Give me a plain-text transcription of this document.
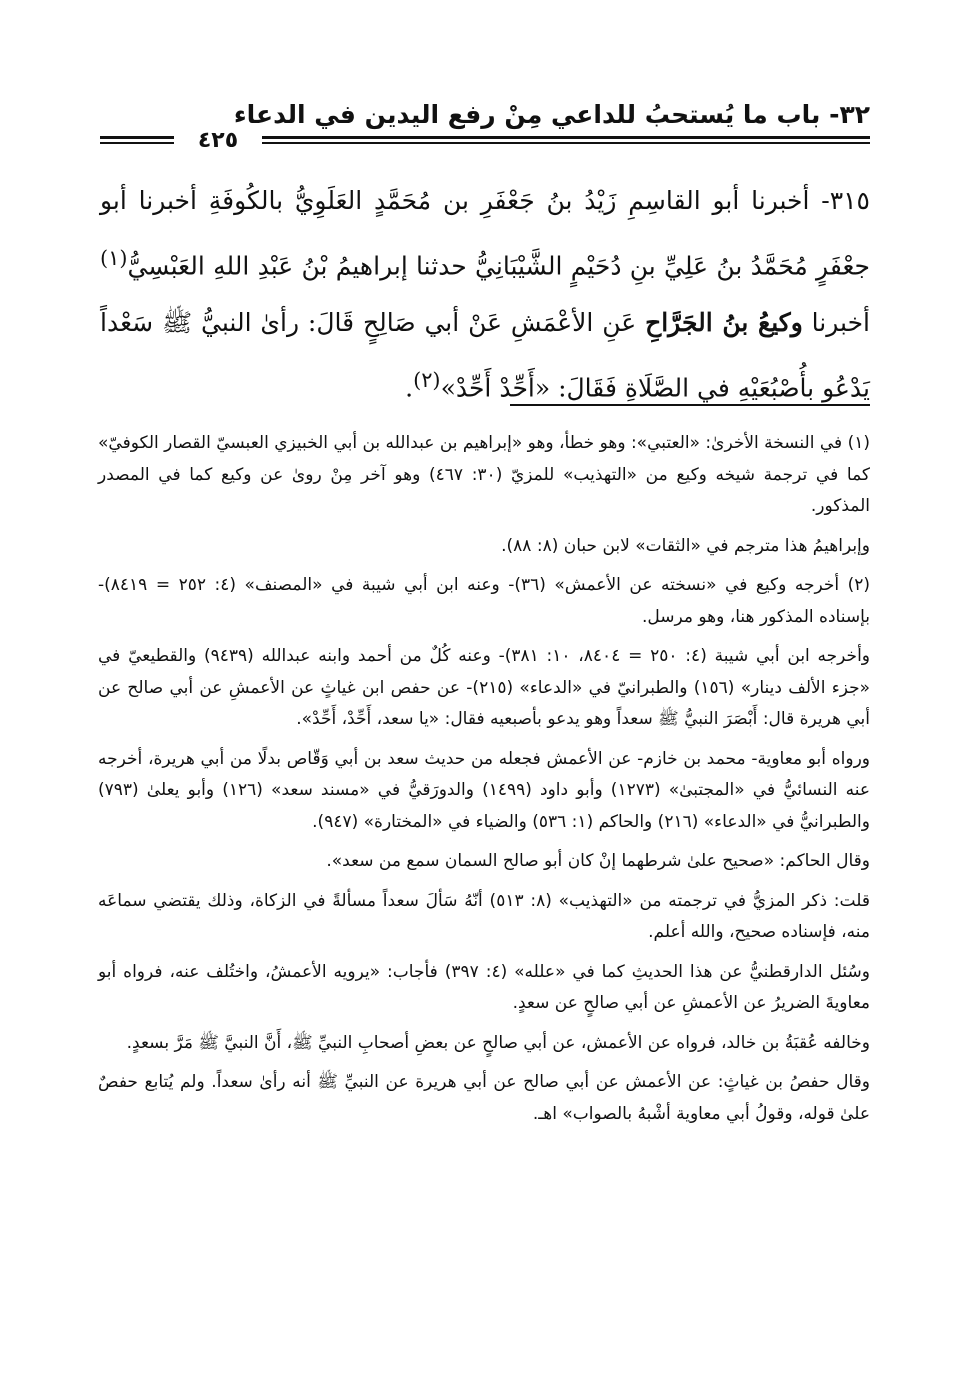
٣٢- باب ما يُستحبُ للداعي مِنْ رفع اليدين في الدعاء
٤٢٥
٣١٥- أخبرنا أبو القاسِمِ زَيْدُ بنُ جَعْفَرِ بن مُحَمَّدٍ العَلَوِيُّ بالكُوفَةِ أخبرنا أبو جعْفَرٍ مُحَمَّدُ بنُ عَلِيِّ بنِ دُحَيْمٍ الشَّيْبَانِيُّ حدثنا إبراهيمُ بْنُ عَبْدِ اللهِ العَبْسِيُّ$^{(١)}$ أخبرنا وكيعُ بنُ الجَرَّاحِ عَنِ الأعْمَشِ عَنْ أبي صَالِحٍ قَالَ: رأىٰ النبيُّ ﷺ سَعْداً يَدْعُو بأُصْبُعَيْهِ في الصَّلَاةِ فَقَالَ: «أَحِّدْ أَحِّدْ»$^{(٢)}$.

(١) في النسخة الأخرىٰ: «العتبي»: وهو خطأ، وهو «إبراهيم بن عبدالله بن أبي الخبيزي العبسيّ القصار الكوفيّ» كما في ترجمة شيخه وكيع من «التهذيب» للمزيّ (٣٠: ٤٦٧) وهو آخر مِنْ روىٰ عن وكيع كما في المصدر المذكور.

وإبراهيمُ هذا مترجم في «الثقات» لابن حبان (٨: ٨٨).

(٢) أخرجه وكيع في «نسخته عن الأعمش» (٣٦)- وعنه ابن أبي شيبة في «المصنف» (٤: ٢٥٢ = ٨٤١٩)- بإسناده المذكور هنا، وهو مرسل.

وأخرجه ابن أبي شيبة (٤: ٢٥٠ = ٨٤٠٤، ١٠: ٣٨١)- وعنه كُلٌ من أحمد وابنه عبدالله (٩٤٣٩) والقطيعيّ في «جزء الألف دينار» (١٥٦) والطبرانيّ في «الدعاء» (٢١٥)- عن حفص ابن غياثٍ عن الأعمشِ عن أبي صالح عن أبي هريرة قال: أَبْصَرَ النبيُّ ﷺ سعداً وهو يدعو بأصبعيه فقال: «يا سعد، أَحِّدْ، أَحِّدْ».

ورواه أبو معاوية- محمد بن خازم- عن الأعمش فجعله من حديث سعد بن أبي وَقّاص بدلًا من أبي هريرة، أخرجه عنه النسائيُّ في «المجتبىٰ» (١٢٧٣) وأبو داود (١٤٩٩) والدورَقيُّ في «مسند سعد» (١٢٦) وأبو يعلىٰ (٧٩٣) والطبرانيُّ في «الدعاء» (٢١٦) والحاكم (١: ٥٣٦) والضياء في «المختارة» (٩٤٧).

وقال الحاكم: «صحيح علىٰ شرطهما إنْ كان أبو صالح السمان سمع من سعد».

قلت: ذكر المزيُّ في ترجمته من «التهذيب» (٨: ٥١٣) أنّهُ سَألَ سعداً مسألةً في الزكاة، وذلك يقتضي سماعَه منه، فإسناده صحيح، والله أعلم.

وسُئل الدارقطنيُّ عن هذا الحديثِ كما في «علله» (٤: ٣٩٧) فأجاب: «يرويه الأعمشُ، واختُلف عنه، فرواه أبو معاويةَ الضريرُ عن الأعمشِ عن أبي صالحٍ عن سعدٍ.

وخالفه عُقبَةُ بن خالد، فرواه عن الأعمش، عن أبي صالحٍ عن بعضِ أصحابِ النبيِّ ﷺ، أَنَّ النبيَّ ﷺ مَرَّ بسعدٍ.

وقال حفصُ بن غياثٍ: عن الأعمش عن أبي صالح عن أبي هريرة عن النبيِّ ﷺ أنه رأىٰ سعداً. ولم يُتابع حفصٌ علىٰ قوله، وقولُ أبي معاوية أشْبهُ بالصواب» اهـ.
